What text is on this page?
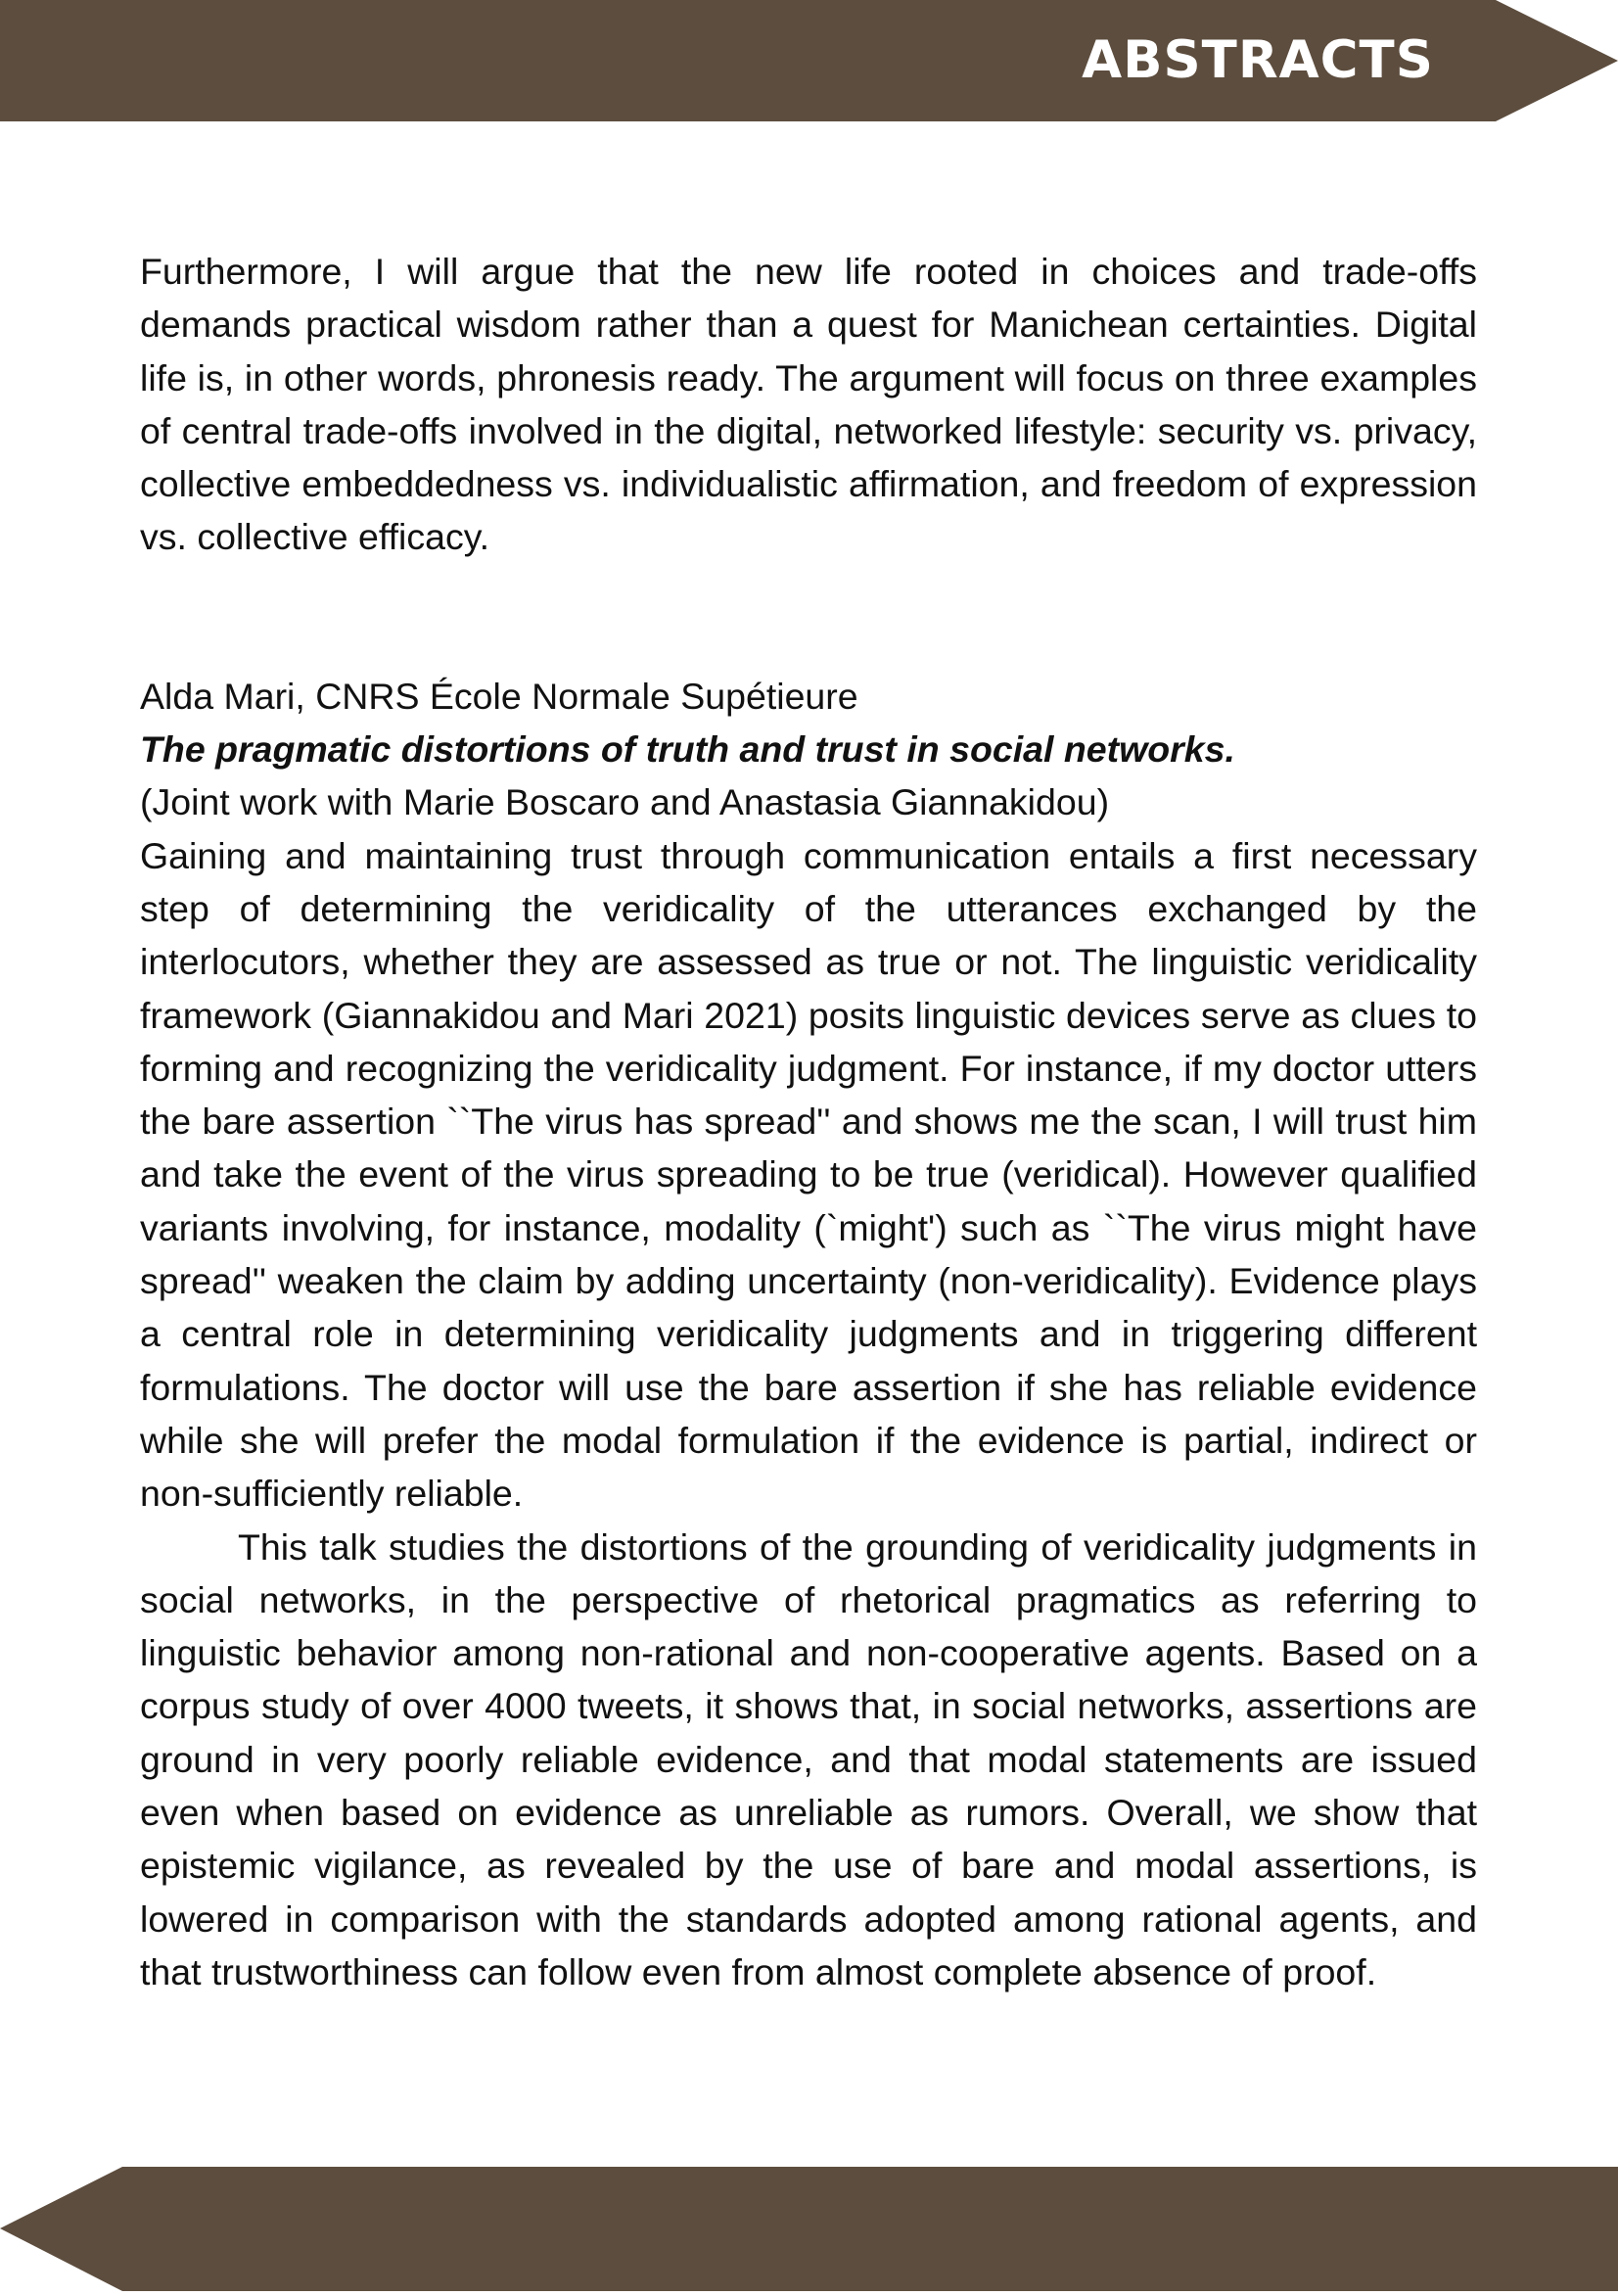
ABSTRACTS

Furthermore, I will argue that the new life rooted in choices and trade-offs demands practical wisdom rather than a quest for Manichean certainties. Digital life is, in other words, phronesis ready. The argument will focus on three examples of central trade-offs involved in the digital, networked lifestyle: security vs. privacy, collective embeddedness vs. individualistic affirmation, and freedom of expression vs. collective efficacy.

Alda Mari, CNRS École Normale Supétieure

The pragmatic distortions of truth and trust in social networks.

(Joint work with Marie Boscaro and Anastasia Giannakidou)

Gaining and maintaining trust through communication entails a first necessary step of determining the veridicality of the utterances exchanged by the interlocutors, whether they are assessed as true or not. The linguistic veridicality framework (Giannakidou and Mari 2021) posits linguistic devices serve as clues to forming and recognizing the veridicality judgment. For instance, if my doctor utters the bare assertion ``The virus has spread'' and shows me the scan, I will trust him and take the event of the virus spreading to be true (veridical). However qualified variants involving, for instance, modality (`might') such as ``The virus might have spread'' weaken the claim by adding uncertainty (non-veridicality). Evidence plays a central role in determining veridicality judgments and in triggering different formulations. The doctor will use the bare assertion if she has reliable evidence while she will prefer the modal formulation if the evidence is partial, indirect or non-sufficiently reliable.

This talk studies the distortions of the grounding of veridicality judgments in social networks, in the perspective of rhetorical pragmatics as referring to linguistic behavior among non-rational and non-cooperative agents. Based on a corpus study of over 4000 tweets, it shows that, in social networks, assertions are ground in very poorly reliable evidence, and that modal statements are issued even when based on evidence as unreliable as rumors. Overall, we show that epistemic vigilance, as revealed by the use of bare and modal assertions, is lowered in comparison with the standards adopted among rational agents, and that trustworthiness can follow even from almost complete absence of proof.
